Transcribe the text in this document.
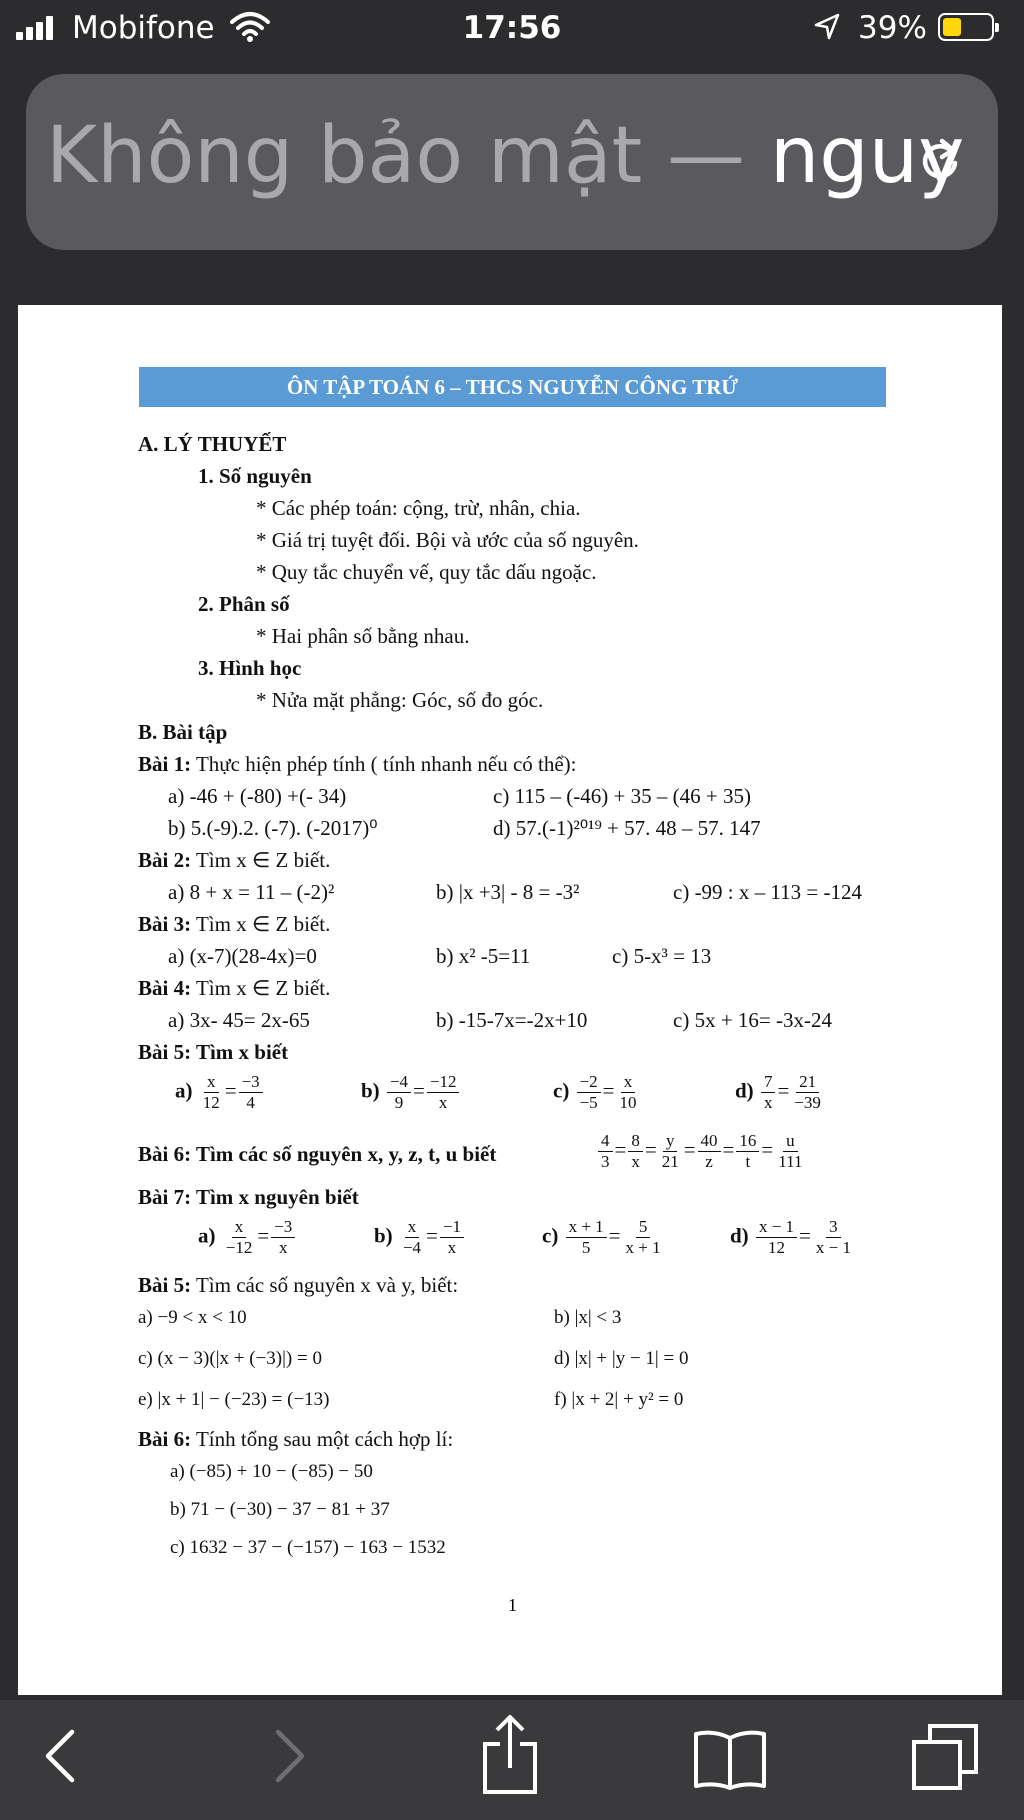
Mobifone	17:56	39%
Không bảo mật — nguy
ÔN TẬP TOÁN 6 – THCS NGUYỄN CÔNG TRỨ
A. LÝ THUYẾT
1. Số nguyên
* Các phép toán: cộng, trừ, nhân, chia.
* Giá trị tuyệt đối. Bội và ước của số nguyên.
* Quy tắc chuyển vế, quy tắc dấu ngoặc.
2. Phân số
* Hai phân số bằng nhau.
3. Hình học
* Nửa mặt phẳng: Góc, số đo góc.
B. Bài tập
Bài 1: Thực hiện phép tính ( tính nhanh nếu có thể):
a) -46 + (-80) +(- 34)	c) 115 – (-46) + 35 – (46 + 35)
b) 5.(-9).2. (-7). (-2017)⁰	d) 57.(-1)²⁰¹⁹ + 57. 48 – 57. 147
Bài 2: Tìm x ∈ Z biết.
a) 8 + x = 11 – (-2)²	b) |x +3| - 8 = -3²	c) -99 : x – 113 = -124
Bài 3: Tìm x ∈ Z biết.
a) (x-7)(28-4x)=0	b) x² -5=11	c) 5-x³ = 13
Bài 4: Tìm x ∈ Z biết.
a) 3x- 45= 2x-65	b) -15-7x=-2x+10	c) 5x + 16= -3x-24
Bài 5: Tìm x biết
$a) \frac{x}{12} = \frac{-3}{4}$	$b) \frac{-4}{9} = \frac{-12}{x}$	$c) \frac{-2}{-5} = \frac{x}{10}$	$d) \frac{7}{x} = \frac{21}{-39}$
Bài 6: Tìm các số nguyên x, y, z, t, u biết	$\frac{4}{3} = \frac{8}{x} = \frac{y}{21} = \frac{40}{z} = \frac{16}{t} = \frac{u}{111}$
Bài 7: Tìm x nguyên biết
$a) \frac{x}{-12} = \frac{-3}{x}$	$b) \frac{x}{-4} = \frac{-1}{x}$	$c) \frac{x + 1}{5} = \frac{5}{x + 1}$	$d) \frac{x - 1}{12} = \frac{3}{x - 1}$
Bài 5: Tìm các số nguyên x và y, biết:
a) −9 < x < 10	b) |x| < 3
c) (x − 3)(|x + (−3)|) = 0	d) |x| + |y − 1| = 0
e) |x + 1| − (−23) = (−13)	f) |x + 2| + y² = 0
Bài 6: Tính tổng sau một cách hợp lí:
a) (−85) + 10 − (−85) − 50
b) 71 − (−30) − 37 − 81 + 37
c) 1632 − 37 − (−157) − 163 − 1532
1
